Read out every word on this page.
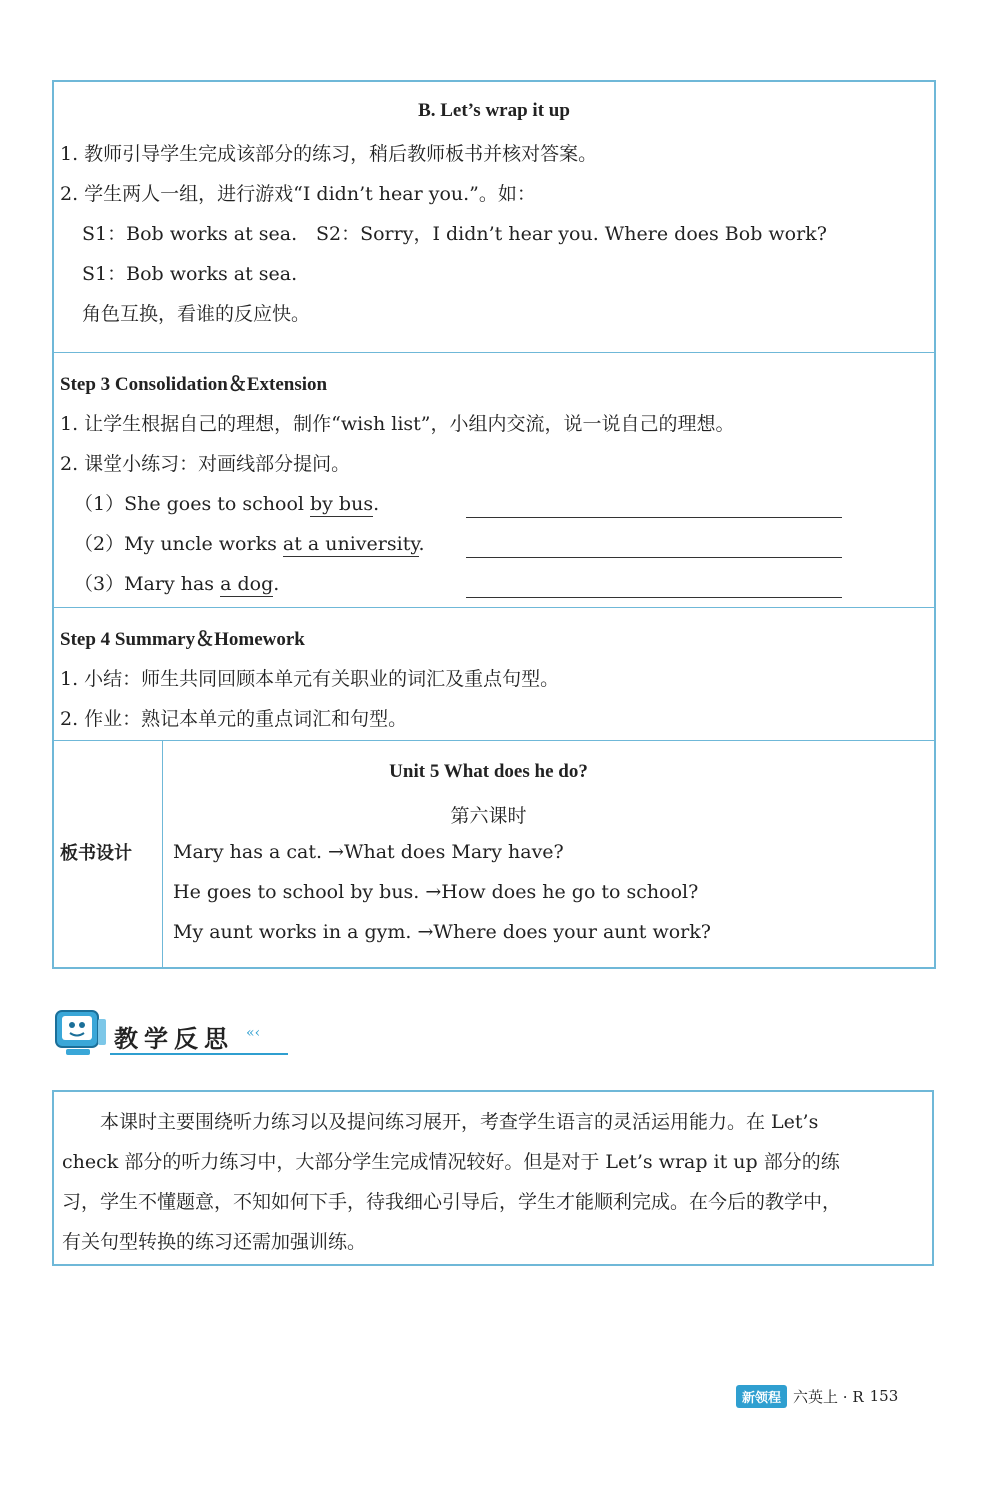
B. Let’s wrap it up
1. 教师引导学生完成该部分的练习，稍后教师板书并核对答案。
2. 学生两人一组，进行游戏“I didn’t hear you.”。如：
S1：Bob works at sea. S2：Sorry，I didn’t hear you. Where does Bob work?
S1：Bob works at sea.
角色互换，看谁的反应快。
Step 3 Consolidation＆Extension
1. 让学生根据自己的理想，制作“wish list”，小组内交流，说一说自己的理想。
2. 课堂小练习：对画线部分提问。
（1）She goes to school by bus.
（2）My uncle works at a university.
（3）Mary has a dog.
Step 4 Summary＆Homework
1. 小结：师生共同回顾本单元有关职业的词汇及重点句型。
2. 作业：熟记本单元的重点词汇和句型。
板书设计
Unit 5 What does he do?
第六课时
Mary has a cat. →What does Mary have?
He goes to school by bus. →How does he go to school?
My aunt works in a gym. →Where does your aunt work?
教学反思 «‹

本课时主要围绕听力练习以及提问练习展开，考查学生语言的灵活运用能力。在 Let’s

check 部分的听力练习中，大部分学生完成情况较好。但是对于 Let’s wrap it up 部分的练

习，学生不懂题意，不知如何下手，待我细心引导后，学生才能顺利完成。在今后的教学中，

有关句型转换的练习还需加强训练。

新领程 六英上 · R 153
